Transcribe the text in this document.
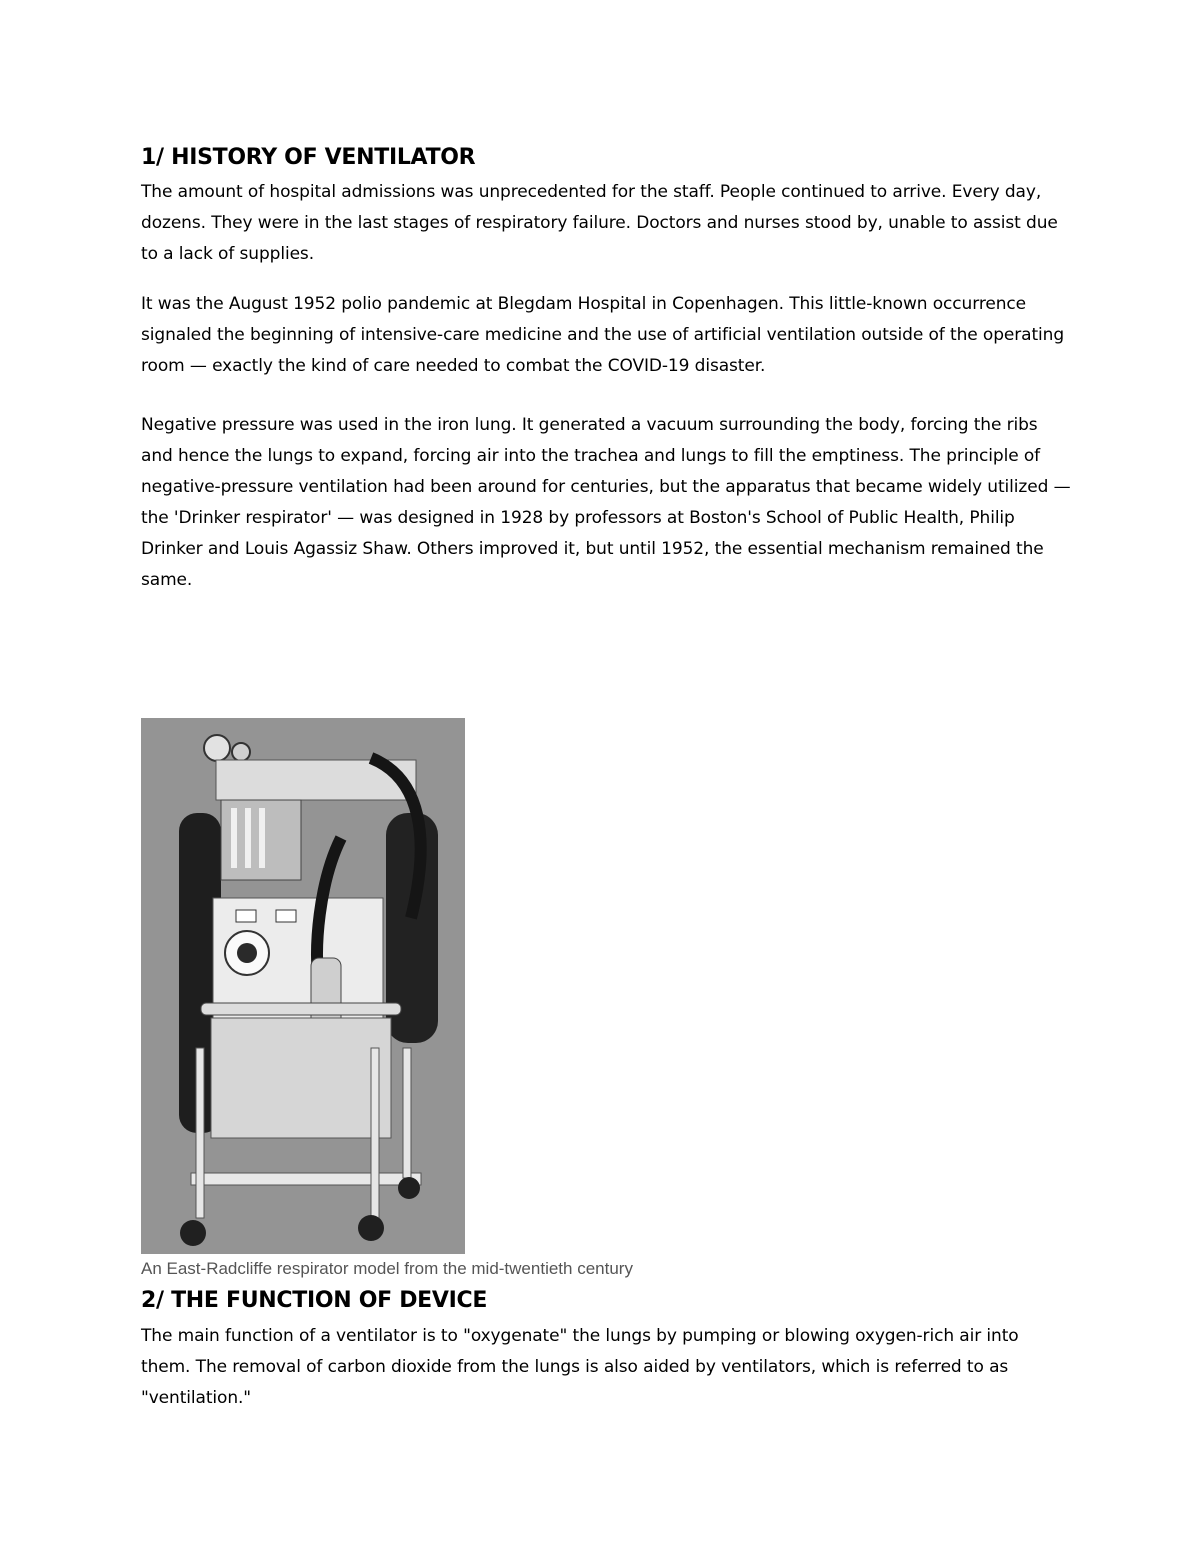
1/ HISTORY OF VENTILATOR

The amount of hospital admissions was unprecedented for the staff. People continued to arrive. Every day, dozens. They were in the last stages of respiratory failure. Doctors and nurses stood by, unable to assist due to a lack of supplies.

It was the August 1952 polio pandemic at Blegdam Hospital in Copenhagen. This little-known occurrence signaled the beginning of intensive-care medicine and the use of artificial ventilation outside of the operating room — exactly the kind of care needed to combat the COVID-19 disaster.

Negative pressure was used in the iron lung. It generated a vacuum surrounding the body, forcing the ribs and hence the lungs to expand, forcing air into the trachea and lungs to fill the emptiness. The principle of negative-pressure ventilation had been around for centuries, but the apparatus that became widely utilized — the 'Drinker respirator' — was designed in 1928 by professors at Boston's School of Public Health, Philip Drinker and Louis Agassiz Shaw. Others improved it, but until 1952, the essential mechanism remained the same.

An East-Radcliffe respirator model from the mid-twentieth century

2/ THE FUNCTION OF DEVICE

The main function of a ventilator is to "oxygenate" the lungs by pumping or blowing oxygen-rich air into them. The removal of carbon dioxide from the lungs is also aided by ventilators, which is referred to as "ventilation."
